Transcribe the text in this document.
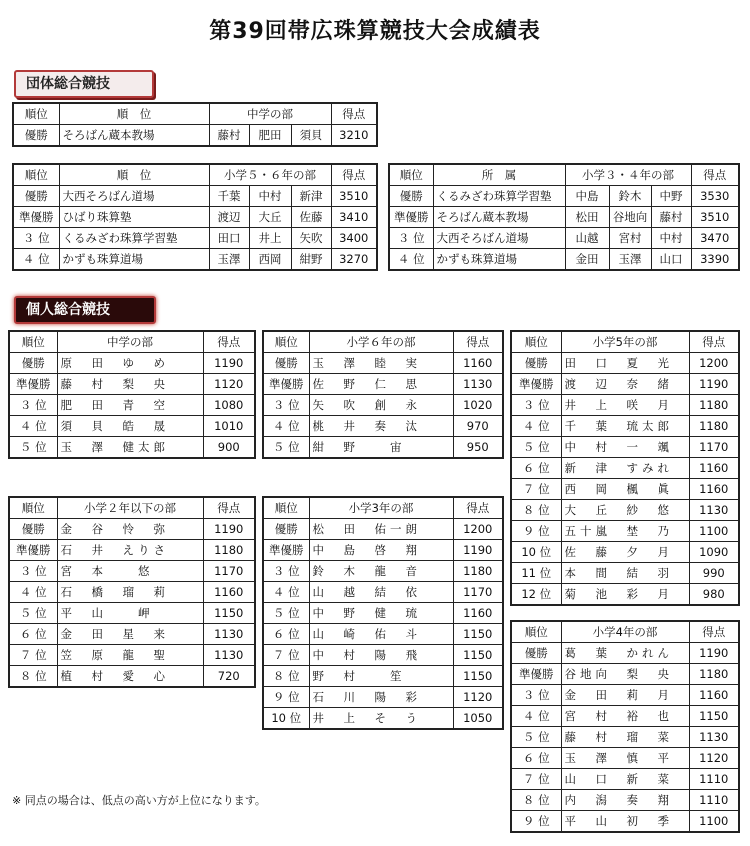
第39回帯広珠算競技大会成績表
団体総合競技
個人総合競技
順位	順　位	中学の部			得点
優勝	そろばん蔵本教場	藤村	肥田	須貝	3210
順位	順　位	小学５・６年の部			得点
優勝	大西そろばん道場	千葉	中村	新津	3510
準優勝	ひばり珠算塾	渡辺	大丘	佐藤	3410
３ 位	くるみざわ珠算学習塾	田口	井上	矢吹	3400
４ 位	かずも珠算道場	玉澤	西岡	紺野	3270
順位	所　属	小学３・４年の部			得点
優勝	くるみざわ珠算学習塾	中島	鈴木	中野	3530
準優勝	そろばん蔵本教場	松田	谷地向	藤村	3510
３ 位	大西そろばん道場	山越	宮村	中村	3470
４ 位	かずも珠算道場	金田	玉澤	山口	3390
順位	中学の部	得点
優勝	原　田　ゆ　め	1190
準優勝	藤　村　梨　央	1120
３ 位	肥　田　青　空	1080
４ 位	須　貝　皓　晟	1010
５ 位	玉　澤　健太郎	900
順位	小学６年の部	得点
優勝	玉　澤　睦　実	1160
準優勝	佐　野　仁　思	1130
３ 位	矢　吹　創　永	1020
４ 位	桃　井　奏　汰	970
５ 位	紺　野　　宙	950
順位	小学5年の部	得点
優勝	田　口　夏　光	1200
準優勝	渡　辺　奈　緒	1190
３ 位	井　上　咲　月	1180
４ 位	千　葉　琉太郎	1180
５ 位	中　村　一　颯	1170
６ 位	新　津　すみれ	1160
７ 位	西　岡　楓　眞	1160
８ 位	大　丘　紗　悠	1130
９ 位	五十嵐　埜　乃	1100
10 位	佐　藤　夕　月	1090
11 位	本　間　結　羽	990
12 位	菊　池　彩　月	980
順位	小学２年以下の部	得点
優勝	金　谷　怜　弥	1190
準優勝	石　井　えりさ	1180
３ 位	宮　本　　悠	1170
４ 位	石　橋　瑠　莉	1160
５ 位	平　山　　岬	1150
６ 位	金　田　星　来	1130
７ 位	笠　原　龍　聖	1130
８ 位	植　村　愛　心	720
順位	小学3年の部	得点
優勝	松　田　佑一朗	1200
準優勝	中　島　啓　翔	1190
３ 位	鈴　木　龍　音	1180
４ 位	山　越　結　依	1170
５ 位	中　野　健　琉	1160
６ 位	山　崎　佑　斗	1150
７ 位	中　村　陽　飛	1150
８ 位	野　村　　笙	1150
９ 位	石　川　陽　彩	1120
10 位	井　上　そ　う	1050
順位	小学4年の部	得点
優勝	葛　葉　かれん	1190
準優勝	谷地向　梨　央	1180
３ 位	金　田　莉　月	1160
４ 位	宮　村　裕　也	1150
５ 位	藤　村　瑠　菜	1130
６ 位	玉　澤　慎　平	1120
７ 位	山　口　新　菜	1110
８ 位	内　潟　奏　翔	1110
９ 位	平　山　初　季	1100
※ 同点の場合は、低点の高い方が上位になります。
